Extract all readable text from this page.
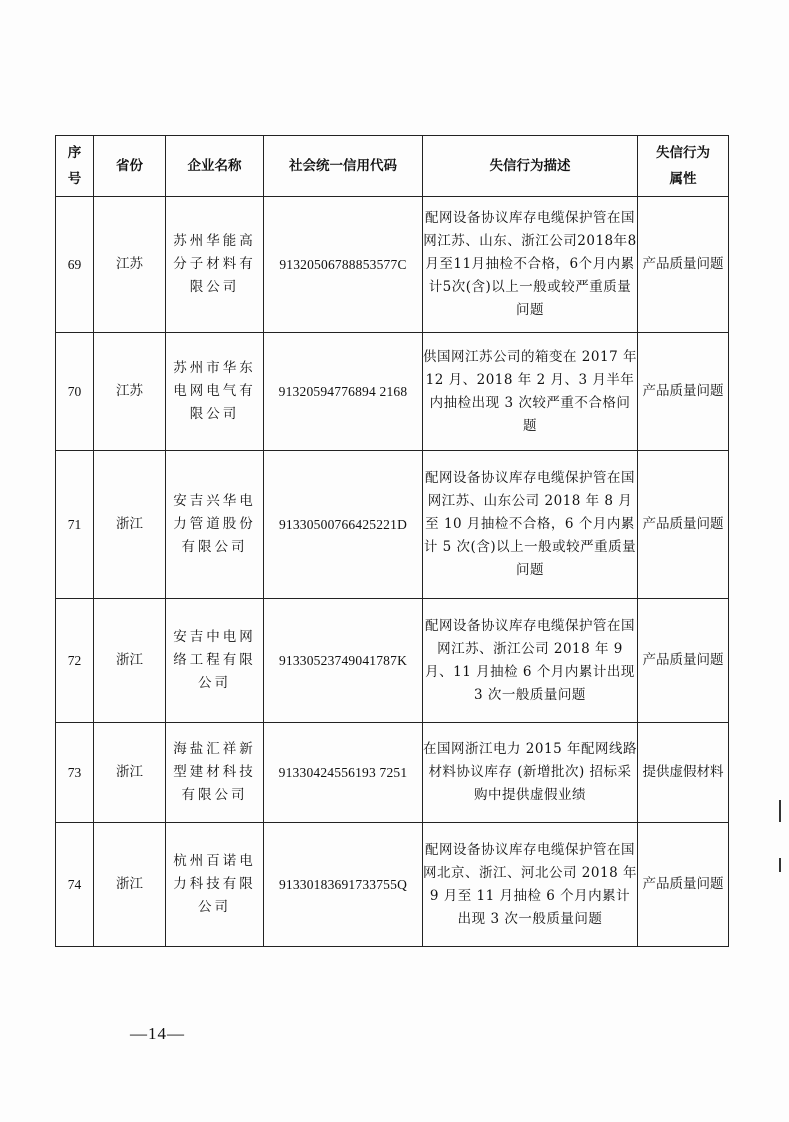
序
号	省份	企业名称	社会统一信用代码	失信行为描述	失信行为
属性

69	江苏	苏州华能高分子材料有限公司	91320506788853577C	配网设备协议库存电缆保护管在国网江苏、山东、浙江公司2018年8月至11月抽检不合格，6个月内累计5次(含)以上一般或较严重质量问题	产品质量问题
70	江苏	苏州市华东电网电气有限公司	91320594776894 2168	供国网江苏公司的箱变在 2017 年 12 月、2018 年 2 月、3 月半年内抽检出现 3 次较严重不合格问题	产品质量问题
71	浙江	安吉兴华电力管道股份有限公司	91330500766425221D	配网设备协议库存电缆保护管在国网江苏、山东公司 2018 年 8 月至 10 月抽检不合格，6 个月内累计 5 次(含)以上一般或较严重质量问题	产品质量问题
72	浙江	安吉中电网络工程有限公司	91330523749041787K	配网设备协议库存电缆保护管在国网江苏、浙江公司 2018 年 9 月、11 月抽检 6 个月内累计出现 3 次一般质量问题	产品质量问题
73	浙江	海盐汇祥新型建材科技有限公司	91330424556193 7251	在国网浙江电力 2015 年配网线路材料协议库存 (新增批次) 招标采购中提供虚假业绩	提供虚假材料
74	浙江	杭州百诺电力科技有限公司	91330183691733755Q	配网设备协议库存电缆保护管在国网北京、浙江、河北公司 2018 年 9 月至 11 月抽检 6 个月内累计出现 3 次一般质量问题	产品质量问题
—14—
